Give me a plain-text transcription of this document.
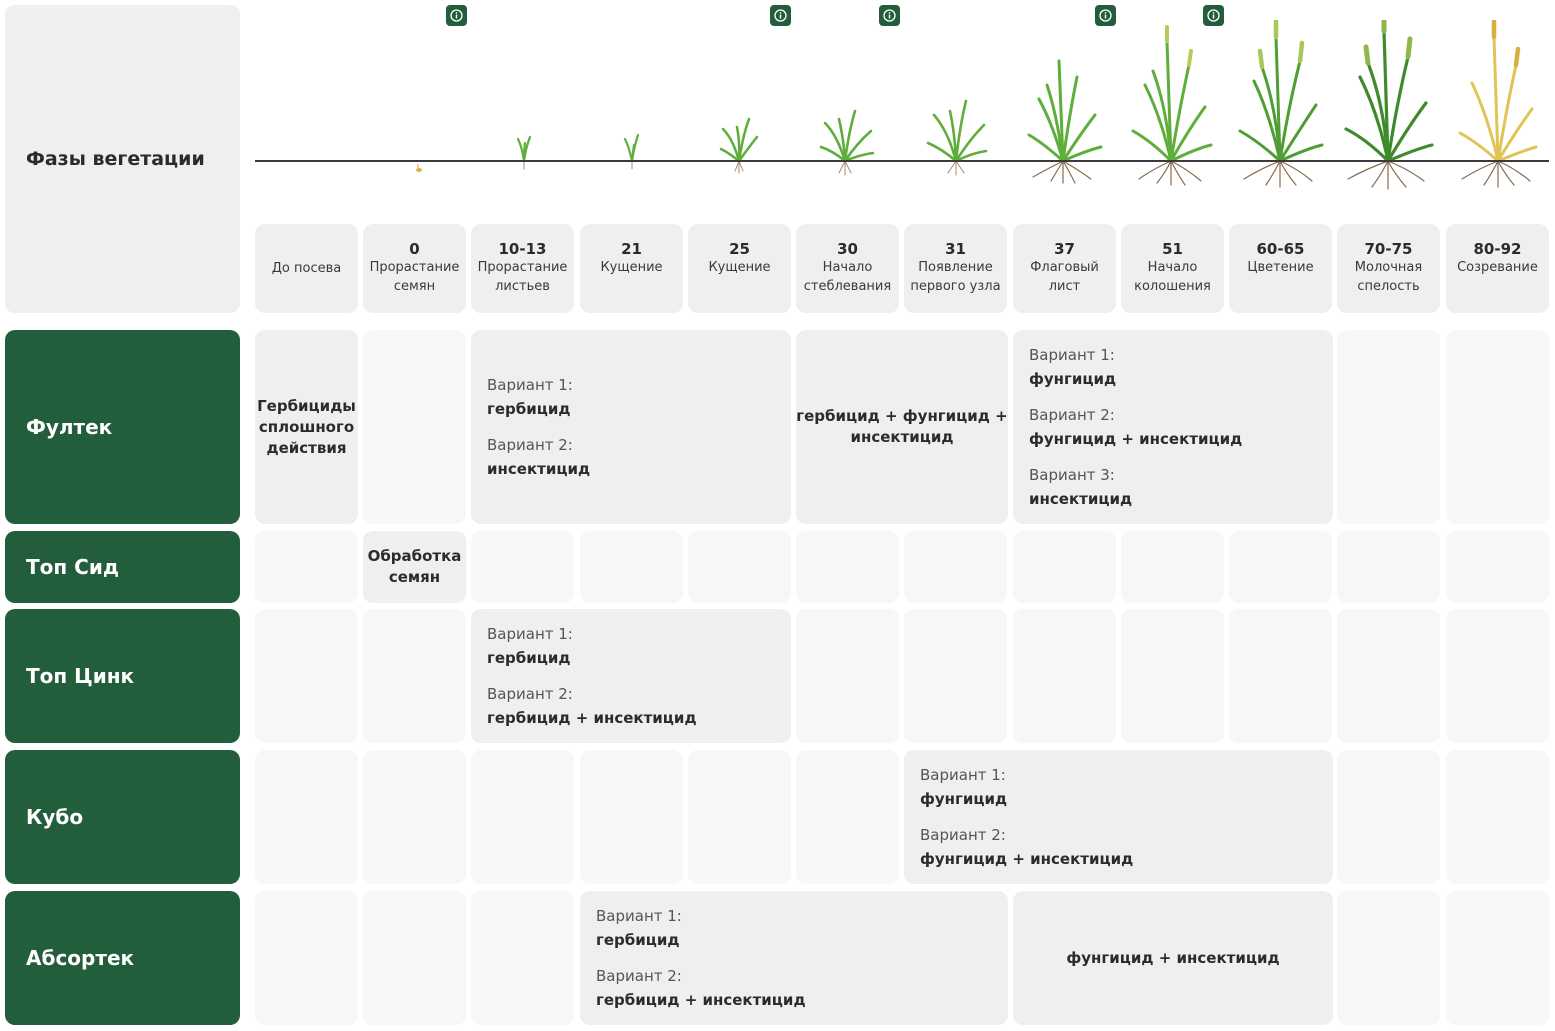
Фазы вегетации
До посева
0
Прорастание семян
10-13
Прорастание листьев
21
Кущение
25
Кущение
30
Начало стеблевания
31
Появление первого узла
37
Флаговый лист
51
Начало колошения
60-65
Цветение
70-75
Молочная спелость
80-92
Созревание
Фултек
Гербициды сплошного действия
Вариант 1:
гербицид
Вариант 2:
инсектицид
гербицид + фунгицид + инсектицид
Вариант 1:
фунгицид
Вариант 2:
фунгицид + инсектицид
Вариант 3:
инсектицид
Топ Сид	Обработка семян
Топ Цинк
Вариант 1:
гербицид
Вариант 2:
гербицид + инсектицид
Кубо
Вариант 1:
фунгицид
Вариант 2:
фунгицид + инсектицид
Абсортек
Вариант 1:
гербицид
Вариант 2:
гербицид + инсектицид
фунгицид + инсектицид
